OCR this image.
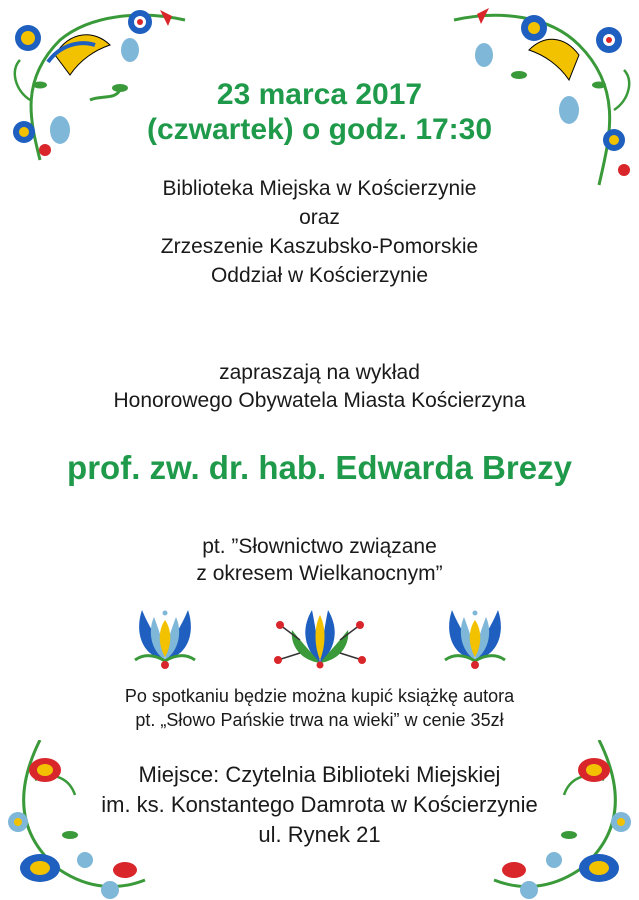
23 marca 2017
(czwartek) o godz. 17:30
Biblioteka Miejska w Kościerzynie
oraz
Zrzeszenie Kaszubsko-Pomorskie
Oddział w Kościerzynie
zapraszają na wykład
Honorowego Obywatela Miasta Kościerzyna
prof. zw. dr. hab. Edwarda Brezy
pt. ”Słownictwo związane
z okresem Wielkanocnym”
Po spotkaniu będzie można kupić książkę autora
pt. „Słowo Pańskie trwa na wieki” w cenie 35zł
Miejsce: Czytelnia Biblioteki Miejskiej
im. ks. Konstantego Damrota w Kościerzynie
ul. Rynek 21
